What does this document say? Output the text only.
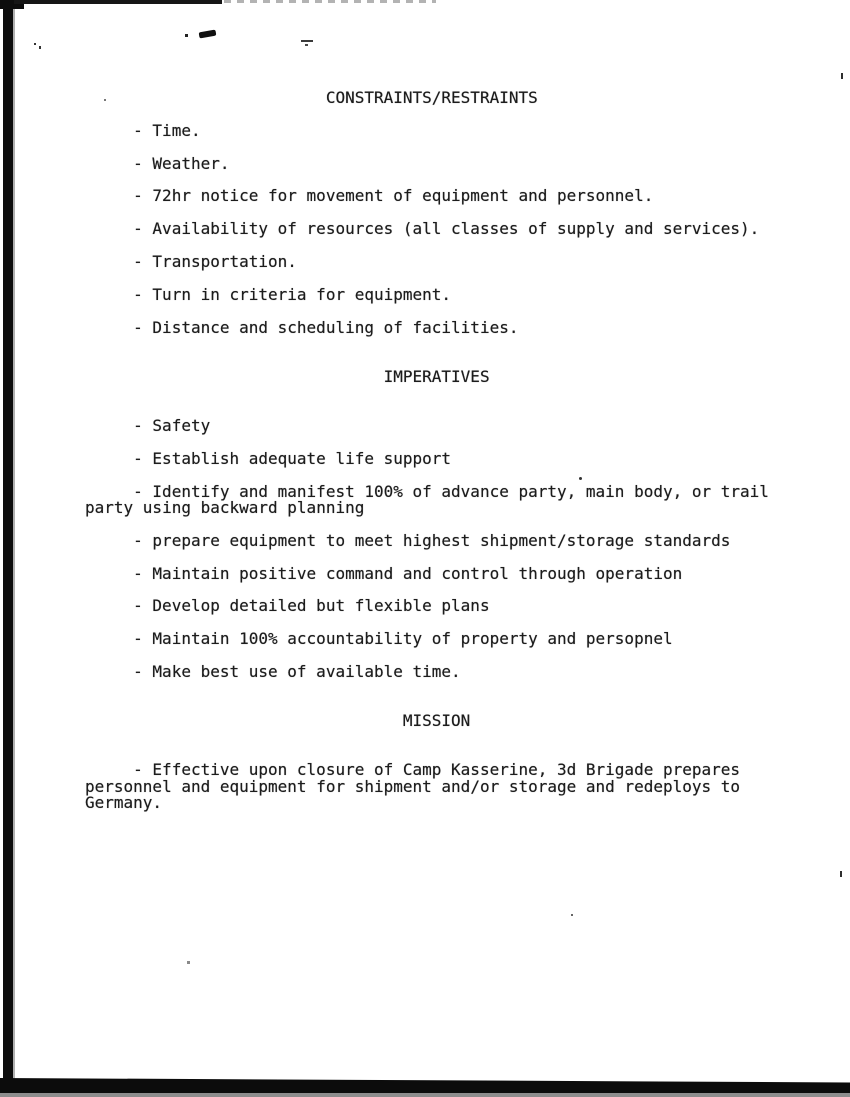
CONSTRAINTS/RESTRAINTS
- Time.
- Weather.
- 72hr notice for movement of equipment and personnel.
- Availability of resources (all classes of supply and services).
- Transportation.
- Turn in criteria for equipment.
- Distance and scheduling of facilities.
IMPERATIVES
- Safety
- Establish adequate life support
- Identify and manifest 100% of advance party, main body, or trail
party using backward planning
- prepare equipment to meet highest shipment/storage standards
- Maintain positive command and control through operation
- Develop detailed but flexible plans
- Maintain 100% accountability of property and persopnel
- Make best use of available time.
MISSION
- Effective upon closure of Camp Kasserine, 3d Brigade prepares
personnel and equipment for shipment and/or storage and redeploys to
Germany.
